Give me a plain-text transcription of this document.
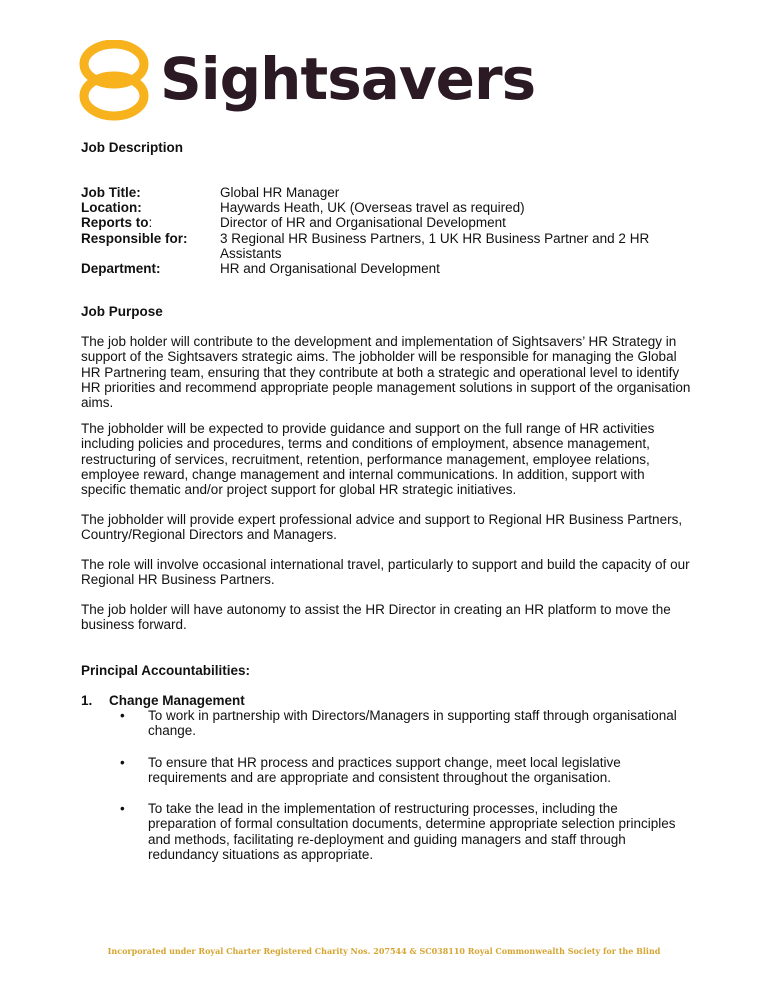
Sightsavers
Job Description
Job Title:	Global HR Manager
Location:	Haywards Heath, UK (Overseas travel as required)
Reports to:	Director of HR and Organisational Development
Responsible for:	3 Regional HR Business Partners, 1 UK HR Business Partner and 2 HR Assistants
Department:	HR and Organisational Development
Job Purpose

The job holder will contribute to the development and implementation of Sightsavers’ HR Strategy in support of the Sightsavers strategic aims. The jobholder will be responsible for managing the Global HR Partnering team, ensuring that they contribute at both a strategic and operational level to identify HR priorities and recommend appropriate people management solutions in support of the organisation aims.

The jobholder will be expected to provide guidance and support on the full range of HR activities including policies and procedures, terms and conditions of employment, absence management, restructuring of services, recruitment, retention, performance management, employee relations, employee reward, change management and internal communications. In addition, support with specific thematic and/or project support for global HR strategic initiatives.

The jobholder will provide expert professional advice and support to Regional HR Business Partners, Country/Regional Directors and Managers.

The role will involve occasional international travel, particularly to support and build the capacity of our Regional HR Business Partners.

The job holder will have autonomy to assist the HR Director in creating an HR platform to move the business forward.

Principal Accountabilities:
1. Change Management
•	To work in partnership with Directors/Managers in supporting staff through organisational change.
•	To ensure that HR process and practices support change, meet local legislative requirements and are appropriate and consistent throughout the organisation.
•	To take the lead in the implementation of restructuring processes, including the preparation of formal consultation documents, determine appropriate selection principles and methods, facilitating re-deployment and guiding managers and staff through redundancy situations as appropriate.
Incorporated under Royal Charter Registered Charity Nos. 207544 & SC038110 Royal Commonwealth Society for the Blind
